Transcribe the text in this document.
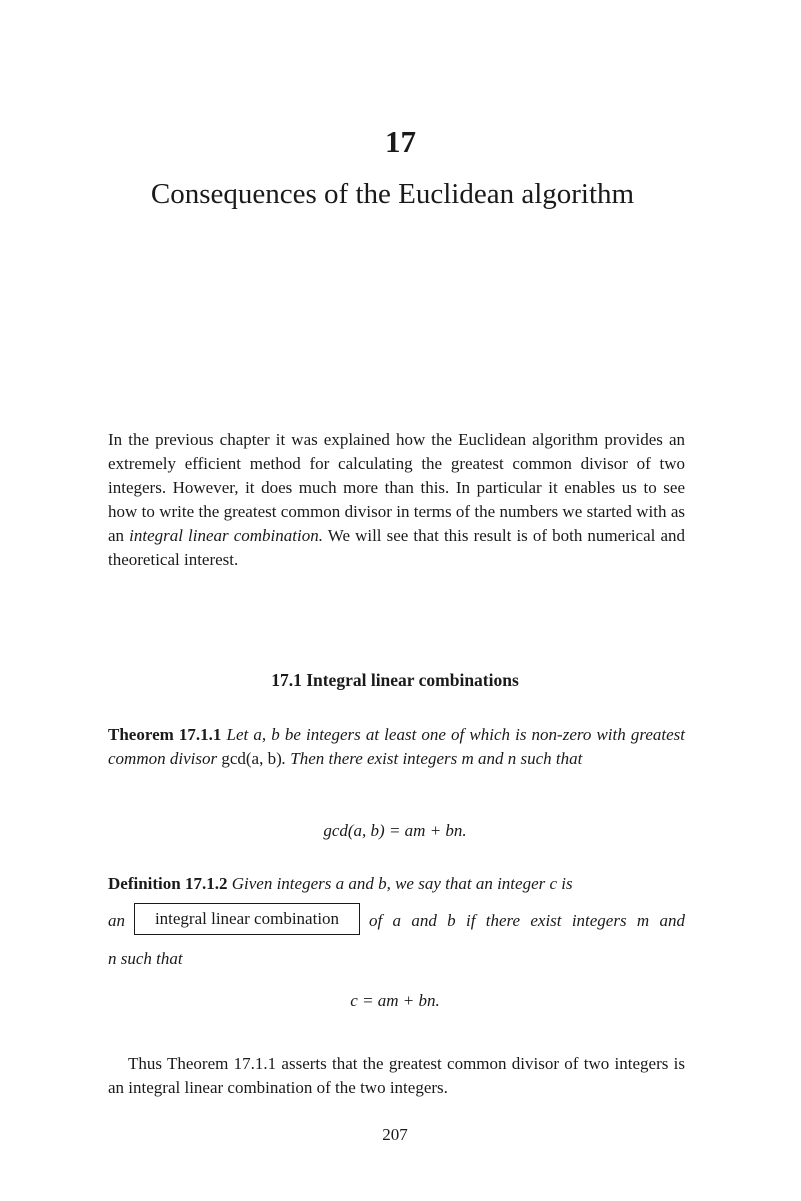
17
Consequences of the Euclidean algorithm

In the previous chapter it was explained how the Euclidean algorithm provides an extremely efficient method for calculating the greatest common divisor of two integers. However, it does much more than this. In particular it enables us to see how to write the greatest common divisor in terms of the numbers we started with as an integral linear combination. We will see that this result is of both numerical and theoretical interest.

17.1 Integral linear combinations

Theorem 17.1.1 Let a, b be integers at least one of which is non-zero with greatest common divisor gcd(a, b). Then there exist integers m and n such that

gcd(a, b) = am + bn.

Definition 17.1.2 Given integers a and b, we say that an integer c is

an	integral linear combination	of a and b if there exist integers m and

n such that

c = am + bn.

Thus Theorem 17.1.1 asserts that the greatest common divisor of two integers is an integral linear combination of the two integers.

207
